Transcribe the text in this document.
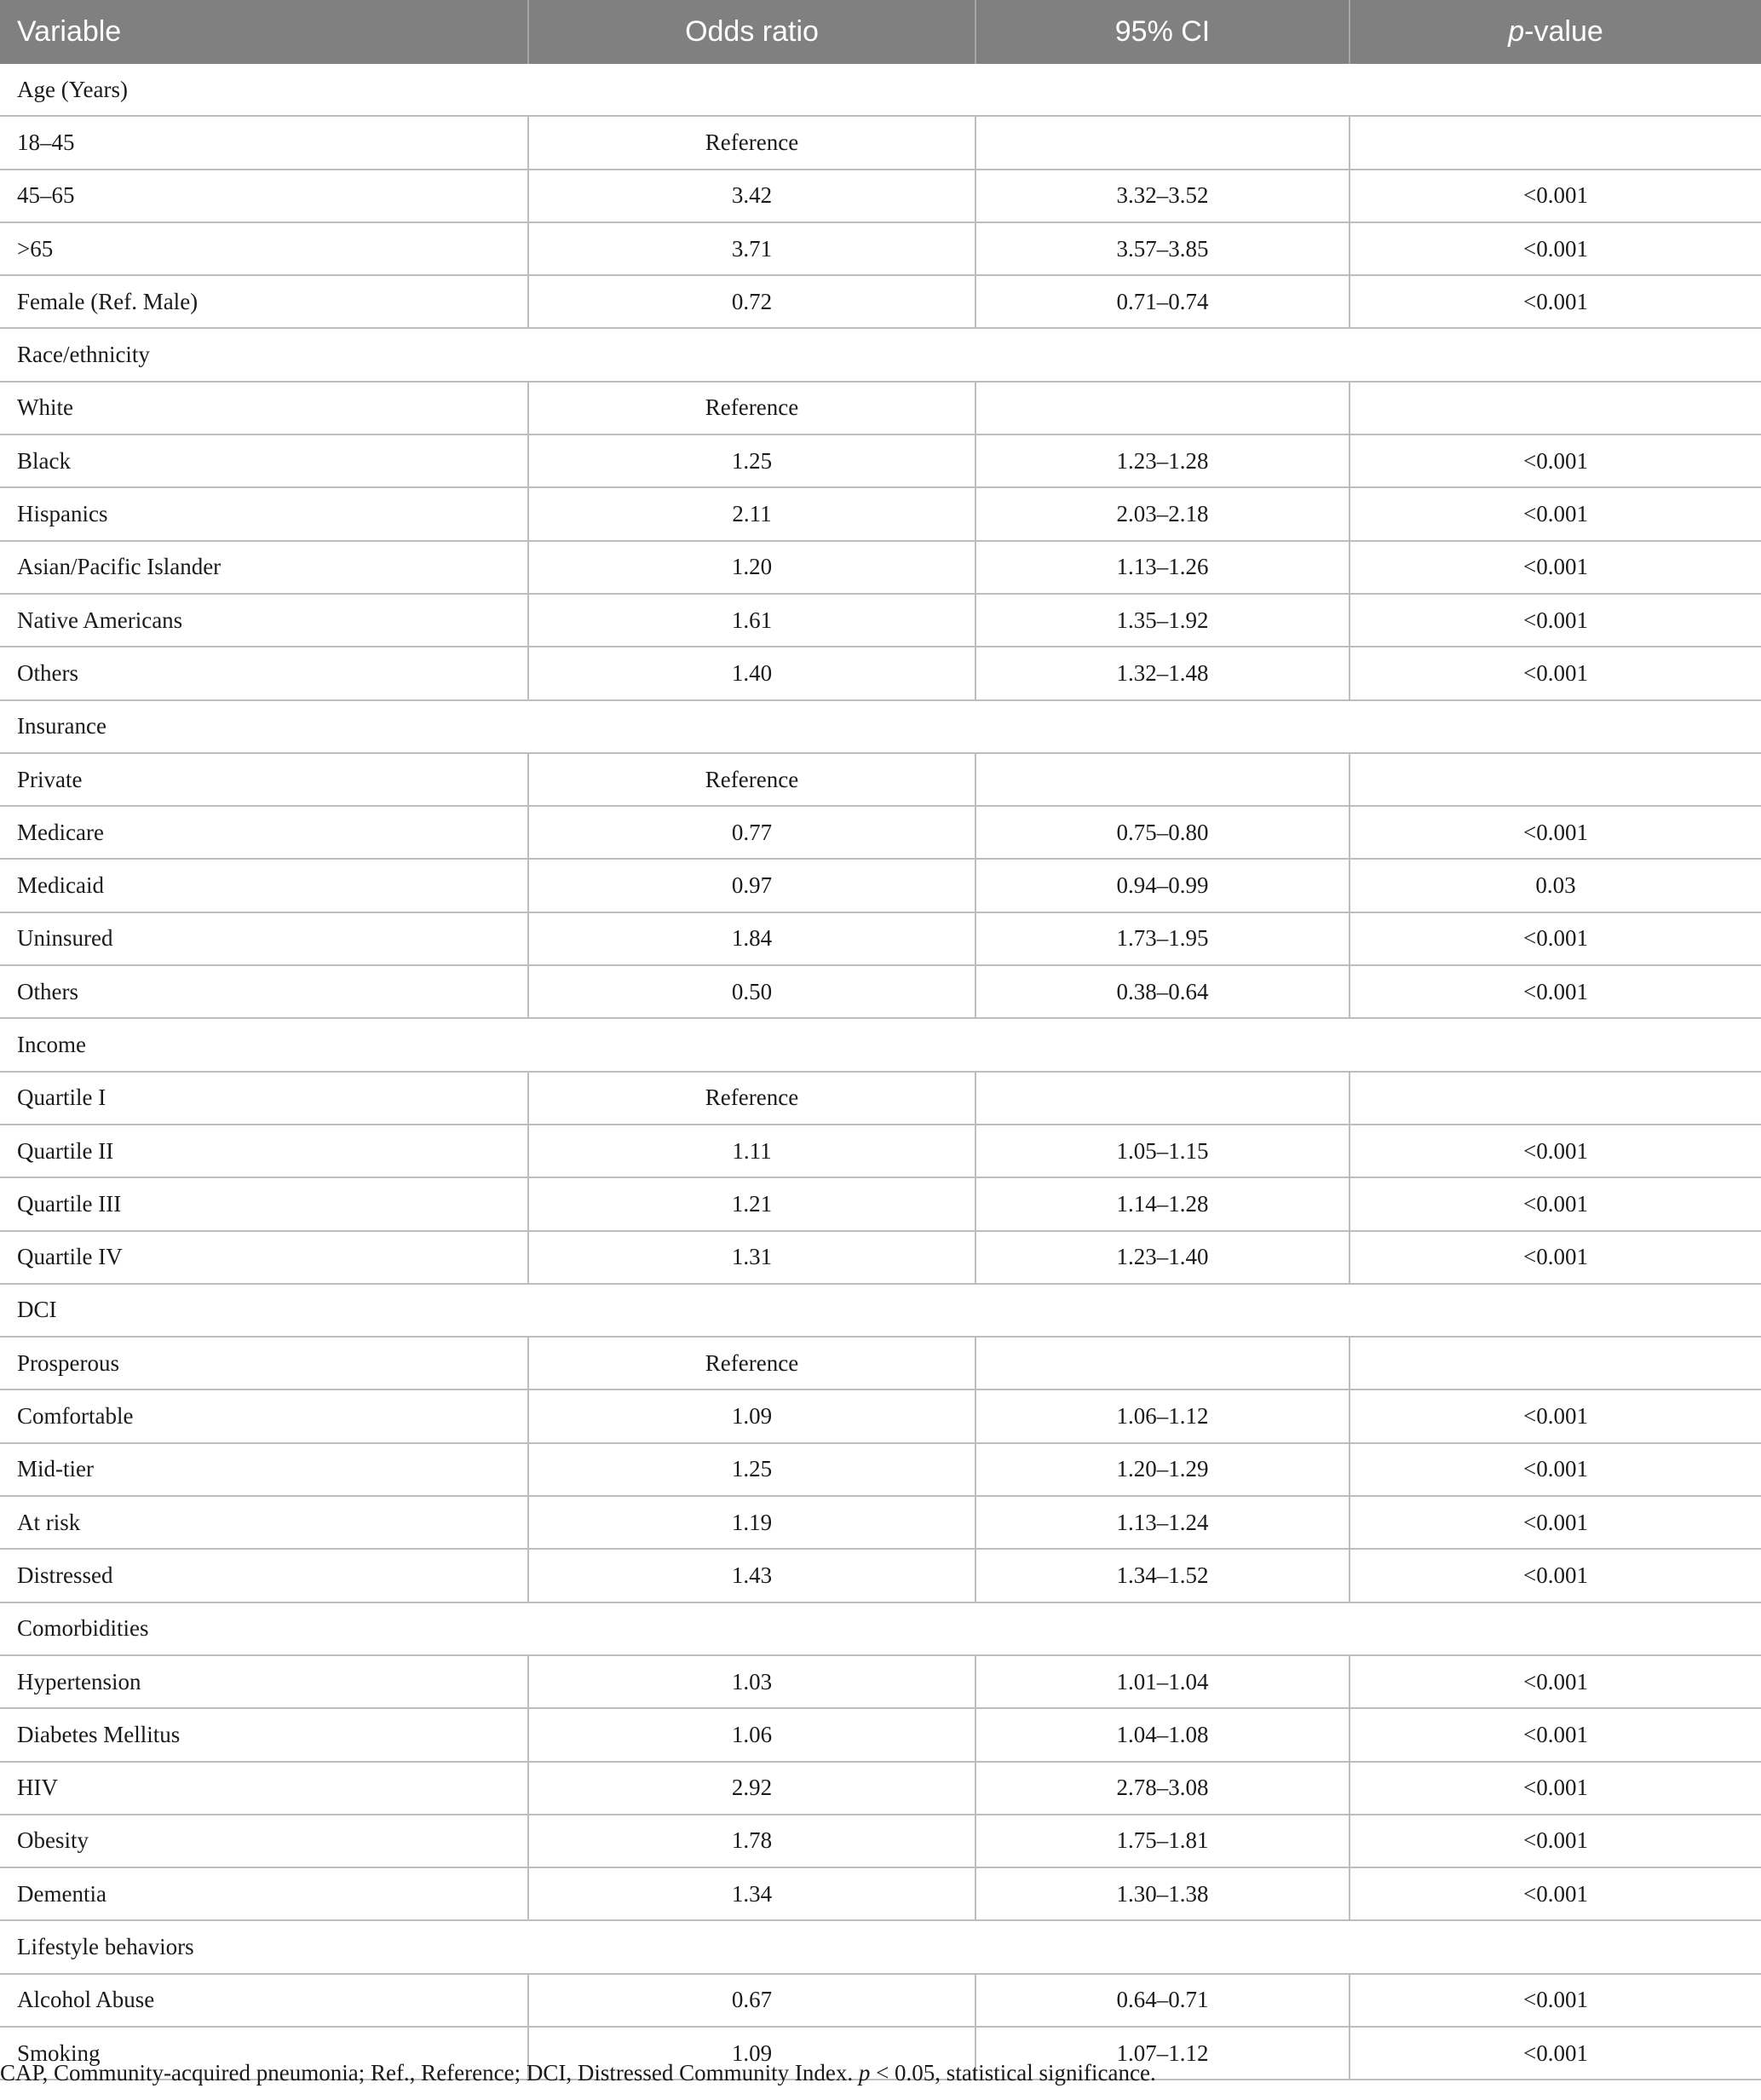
Variable	Odds ratio	95% CI	p-value
Age (Years)			
18–45	Reference		
45–65	3.42	3.32–3.52	<0.001
>65	3.71	3.57–3.85	<0.001
Female (Ref. Male)	0.72	0.71–0.74	<0.001
Race/ethnicity			
White	Reference		
Black	1.25	1.23–1.28	<0.001
Hispanics	2.11	2.03–2.18	<0.001
Asian/Pacific Islander	1.20	1.13–1.26	<0.001
Native Americans	1.61	1.35–1.92	<0.001
Others	1.40	1.32–1.48	<0.001
Insurance			
Private	Reference		
Medicare	0.77	0.75–0.80	<0.001
Medicaid	0.97	0.94–0.99	0.03
Uninsured	1.84	1.73–1.95	<0.001
Others	0.50	0.38–0.64	<0.001
Income			
Quartile I	Reference		
Quartile II	1.11	1.05–1.15	<0.001
Quartile III	1.21	1.14–1.28	<0.001
Quartile IV	1.31	1.23–1.40	<0.001
DCI			
Prosperous	Reference		
Comfortable	1.09	1.06–1.12	<0.001
Mid-tier	1.25	1.20–1.29	<0.001
At risk	1.19	1.13–1.24	<0.001
Distressed	1.43	1.34–1.52	<0.001
Comorbidities			
Hypertension	1.03	1.01–1.04	<0.001
Diabetes Mellitus	1.06	1.04–1.08	<0.001
HIV	2.92	2.78–3.08	<0.001
Obesity	1.78	1.75–1.81	<0.001
Dementia	1.34	1.30–1.38	<0.001
Lifestyle behaviors			
Alcohol Abuse	0.67	0.64–0.71	<0.001
Smoking	1.09	1.07–1.12	<0.001
CAP, Community-acquired pneumonia; Ref., Reference; DCI, Distressed Community Index. p < 0.05, statistical significance.
